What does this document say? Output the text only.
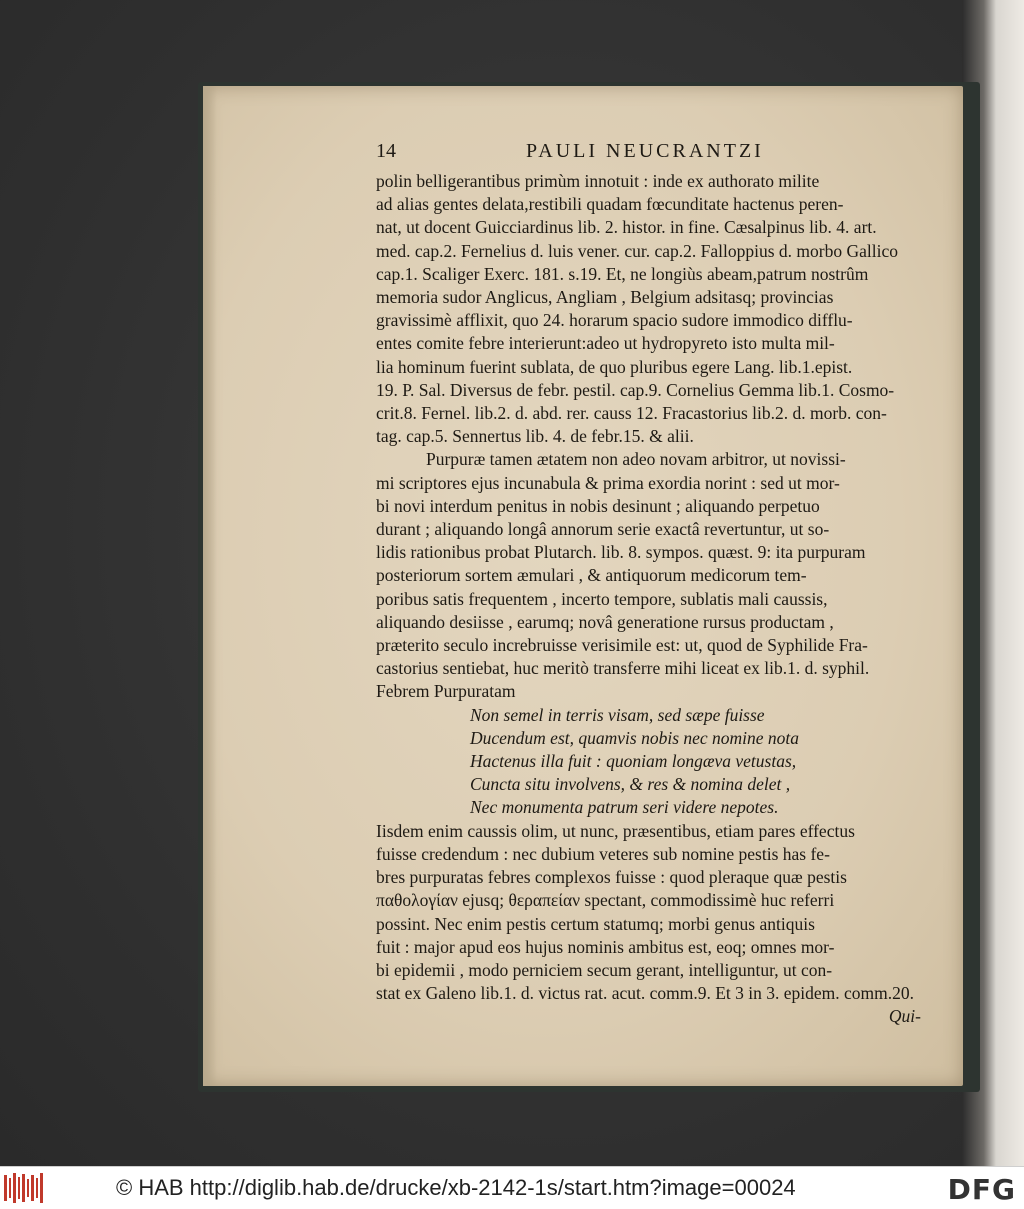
14	PAULI NEUCRANTZI
polin belligerantibus primùm innotuit : inde ex authorato milite
ad alias gentes delata,restibili quadam fœcunditate hactenus peren-
nat, ut docent Guicciardinus lib. 2. histor. in fine. Cæsalpinus lib. 4. art.
med. cap.2. Fernelius d. luis vener. cur. cap.2. Falloppius d. morbo Gallico
cap.1. Scaliger Exerc. 181. s.19. Et, ne longiùs abeam,patrum nostrûm
memoria sudor Anglicus, Angliam , Belgium adsitasq; provincias
gravissimè afflixit, quo 24. horarum spacio sudore immodico difflu-
entes comite febre interierunt:adeo ut hydropyreto isto multa mil-
lia hominum fuerint sublata, de quo pluribus egere Lang. lib.1.epist.
19. P. Sal. Diversus de febr. pestil. cap.9. Cornelius Gemma lib.1. Cosmo-
crit.8. Fernel. lib.2. d. abd. rer. causs 12. Fracastorius lib.2. d. morb. con-
tag. cap.5. Sennertus lib. 4. de febr.15. & alii.
Purpuræ tamen ætatem non adeo novam arbitror, ut novissi-
mi scriptores ejus incunabula & prima exordia norint : sed ut mor-
bi novi interdum penitus in nobis desinunt ; aliquando perpetuo
durant ; aliquando longâ annorum serie exactâ revertuntur, ut so-
lidis rationibus probat Plutarch. lib. 8. sympos. quæst. 9: ita purpuram
posteriorum sortem æmulari , & antiquorum medicorum tem-
poribus satis frequentem , incerto tempore, sublatis mali caussis,
aliquando desiisse , earumq; novâ generatione rursus productam ,
præterito seculo increbruisse verisimile est: ut, quod de Syphilide Fra-
castorius sentiebat, huc meritò transferre mihi liceat ex lib.1. d. syphil.
Febrem Purpuratam
Non semel in terris visam, sed sæpe fuisse
Ducendum est, quamvis nobis nec nomine nota
Hactenus illa fuit : quoniam longæva vetustas,
Cuncta situ involvens, & res & nomina delet ,
Nec monumenta patrum seri videre nepotes.
Iisdem enim caussis olim, ut nunc, præsentibus, etiam pares effectus
fuisse credendum : nec dubium veteres sub nomine pestis has fe-
bres purpuratas febres complexos fuisse : quod pleraque quæ pestis
παθολογίαν ejusq; θεραπείαν spectant, commodissimè huc referri
possint. Nec enim pestis certum statumq; morbi genus antiquis
fuit : major apud eos hujus nominis ambitus est, eoq; omnes mor-
bi epidemii , modo perniciem secum gerant, intelliguntur, ut con-
stat ex Galeno lib.1. d. victus rat. acut. comm.9. Et 3 in 3. epidem. comm.20.
Qui-
© HAB http://diglib.hab.de/drucke/xb-2142-1s/start.htm?image=00024	DFG
